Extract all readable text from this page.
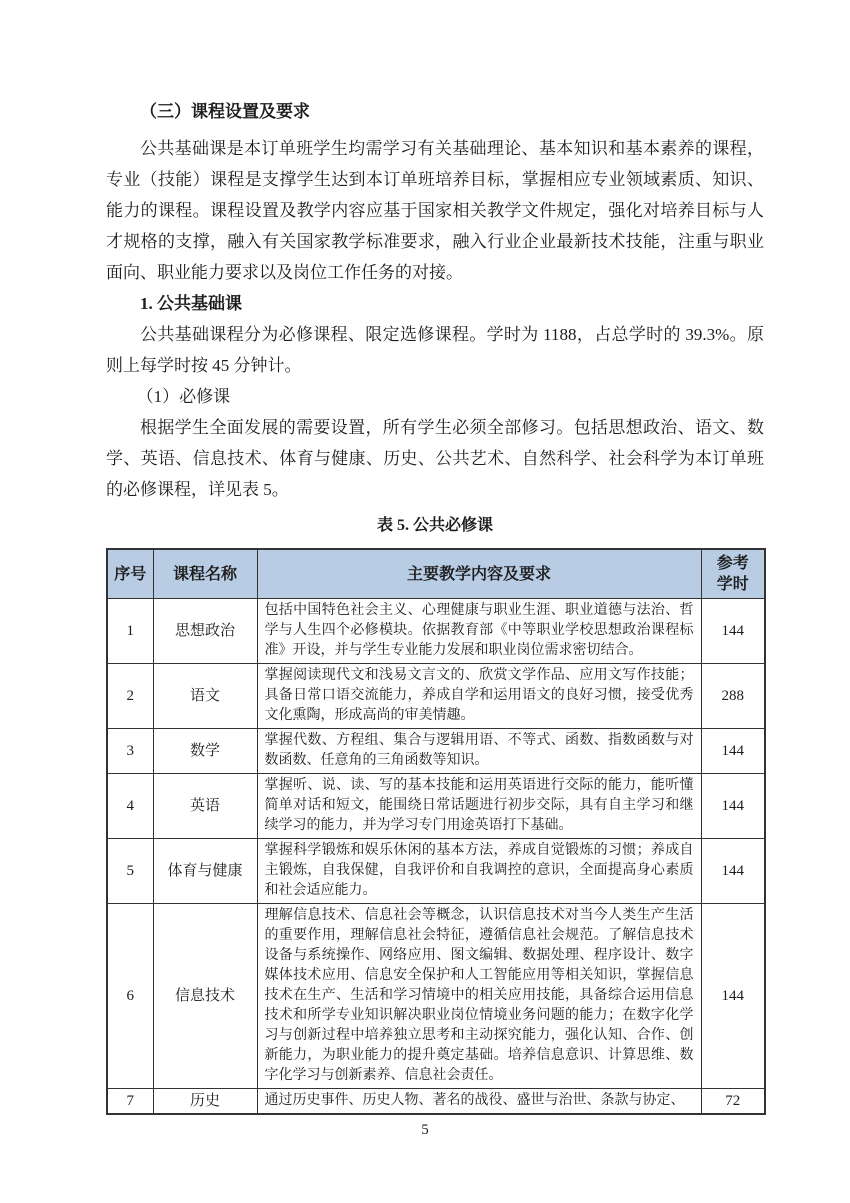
（三）课程设置及要求

公共基础课是本订单班学生均需学习有关基础理论、基本知识和基本素养的课程，专业（技能）课程是支撑学生达到本订单班培养目标，掌握相应专业领域素质、知识、能力的课程。课程设置及教学内容应基于国家相关教学文件规定，强化对培养目标与人才规格的支撑，融入有关国家教学标准要求，融入行业企业最新技术技能，注重与职业面向、职业能力要求以及岗位工作任务的对接。

1. 公共基础课

公共基础课程分为必修课程、限定选修课程。学时为 1188，占总学时的 39.3%。原则上每学时按 45 分钟计。

（1）必修课

根据学生全面发展的需要设置，所有学生必须全部修习。包括思想政治、语文、数学、英语、信息技术、体育与健康、历史、公共艺术、自然科学、社会科学为本订单班的必修课程，详见表 5。

表 5. 公共必修课
序号	课程名称	主要教学内容及要求	参考学时
1	思想政治	包括中国特色社会主义、心理健康与职业生涯、职业道德与法治、哲学与人生四个必修模块。依据教育部《中等职业学校思想政治课程标准》开设，并与学生专业能力发展和职业岗位需求密切结合。	144
2	语文	掌握阅读现代文和浅易文言文的、欣赏文学作品、应用文写作技能；具备日常口语交流能力，养成自学和运用语文的良好习惯，接受优秀文化熏陶，形成高尚的审美情趣。	288
3	数学	掌握代数、方程组、集合与逻辑用语、不等式、函数、指数函数与对数函数、任意角的三角函数等知识。	144
4	英语	掌握听、说、读、写的基本技能和运用英语进行交际的能力，能听懂简单对话和短文，能围绕日常话题进行初步交际，具有自主学习和继续学习的能力，并为学习专门用途英语打下基础。	144
5	体育与健康	掌握科学锻炼和娱乐休闲的基本方法，养成自觉锻炼的习惯；养成自主锻炼，自我保健，自我评价和自我调控的意识，全面提高身心素质和社会适应能力。	144
6	信息技术	理解信息技术、信息社会等概念，认识信息技术对当今人类生产生活的重要作用，理解信息社会特征，遵循信息社会规范。了解信息技术设备与系统操作、网络应用、图文编辑、数据处理、程序设计、数字媒体技术应用、信息安全保护和人工智能应用等相关知识，掌握信息技术在生产、生活和学习情境中的相关应用技能，具备综合运用信息技术和所学专业知识解决职业岗位情境业务问题的能力；在数字化学习与创新过程中培养独立思考和主动探究能力，强化认知、合作、创新能力，为职业能力的提升奠定基础。培养信息意识、计算思维、数字化学习与创新素养、信息社会责任。	144
7	历史	通过历史事件、历史人物、著名的战役、盛世与治世、条款与协定、	72
5
